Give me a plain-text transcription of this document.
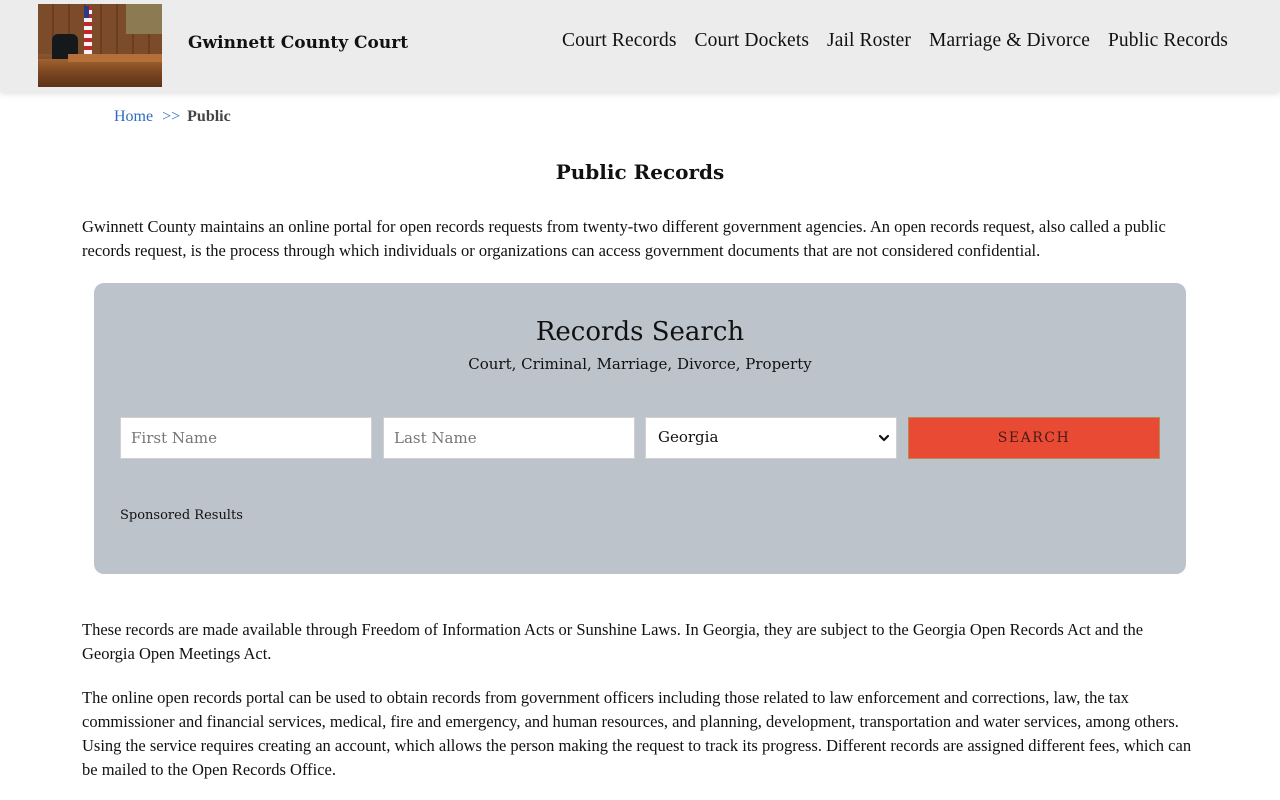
Gwinnett County Court	Court Records Court Dockets Jail Roster Marriage & Divorce Public Records
Home >> Public
Public Records

Gwinnett County maintains an online portal for open records requests from twenty-two different government agencies. An open records request, also called a public records request, is the process through which individuals or organizations can access government documents that are not considered confidential.

Records Search
Court, Criminal, Marriage, Divorce, Property
First Name
Last Name
Georgia	SEARCH
Sponsored Results

These records are made available through Freedom of Information Acts or Sunshine Laws. In Georgia, they are subject to the Georgia Open Records Act and the Georgia Open Meetings Act.

The online open records portal can be used to obtain records from government officers including those related to law enforcement and corrections, law, the tax commissioner and financial services, medical, fire and emergency, and human resources, and planning, development, transportation and water services, among others. Using the service requires creating an account, which allows the person making the request to track its progress. Different records are assigned different fees, which can be mailed to the Open Records Office.
